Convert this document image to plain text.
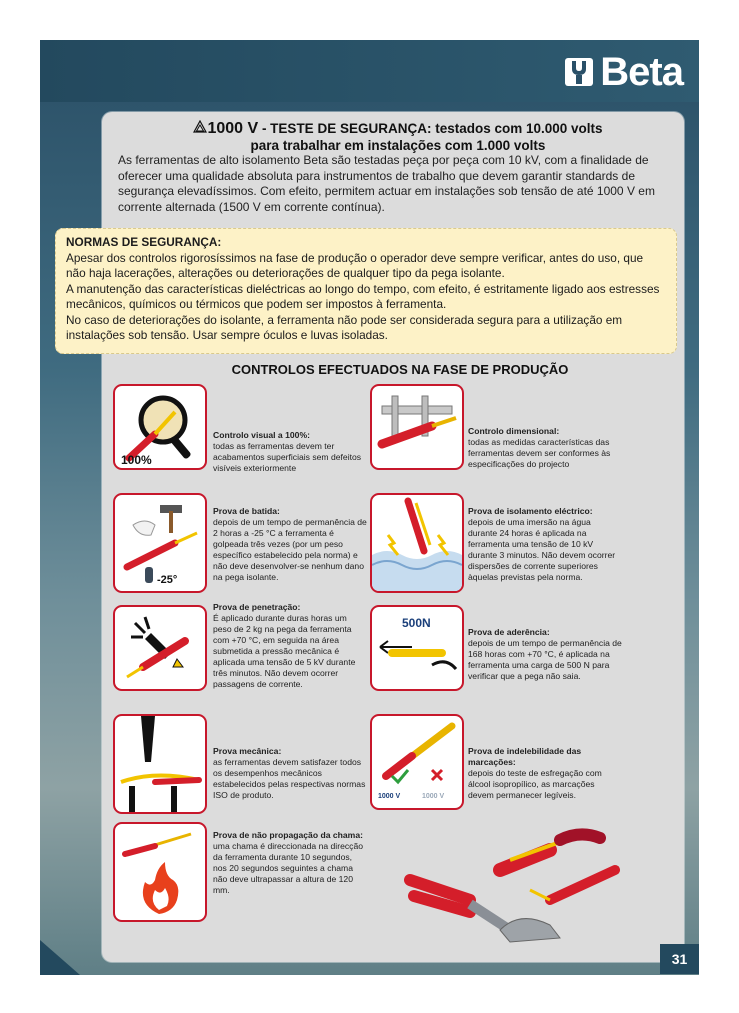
Beta
1000 V - TESTE DE SEGURANÇA: testados com 10.000 volts
para trabalhar em instalações com 1.000 volts
As ferramentas de alto isolamento Beta são testadas peça por peça com 10 kV, com a finalidade de oferecer uma qualidade absoluta para instrumentos de trabalho que devem garantir standards de segurança elevadíssimos. Com efeito, permitem actuar em instalações sob tensão de até 1000 V em corrente alternada (1500 V em corrente contínua).
NORMAS DE SEGURANÇA:
Apesar dos controlos rigorosíssimos na fase de produção o operador deve sempre verificar, antes do uso, que não haja lacerações, alterações ou deteriorações de qualquer tipo da pega isolante.
A manutenção das características dieléctricas ao longo do tempo, com efeito, é estritamente ligado aos estresses mecânicos, químicos ou térmicos que podem ser impostos à ferramenta.
No caso de deteriorações do isolante, a ferramenta não pode ser considerada segura para a utilização em instalações sob tensão. Usar sempre óculos e luvas isoladas.
CONTROLOS EFECTUADOS NA FASE DE PRODUÇÃO
100%
Controlo visual a 100%:
todas as ferramentas devem ter acabamentos superficiais sem defeitos visíveis exteriormente
-25°
Prova de batida:
depois de um tempo de permanência de 2 horas a -25 °C a ferramenta é golpeada três vezes (por um peso específico estabelecido pela norma) e não deve desenvolver-se nenhum dano na pega isolante.
Prova de penetração:
É aplicado durante duras horas um peso de 2 kg na pega da ferramenta com +70 °C, em seguida na área submetida a pressão mecânica é aplicada uma tensão de 5 kV durante três minutos. Não devem ocorrer passagens de corrente.
Prova mecânica:
as ferramentas devem satisfazer todos os desempenhos mecânicos estabelecidos pelas respectivas normas ISO de produto.
Prova de não propagação da chama:
uma chama é direccionada na direcção da ferramenta durante 10 segundos, nos 20 segundos seguintes a chama não deve ultrapassar a altura de 120 mm.
Controlo dimensional:
todas as medidas características das ferramentas devem ser conformes às especificações do projecto
Prova de isolamento eléctrico:
depois de uma imersão na água durante 24 horas é aplicada na ferramenta uma tensão de 10 kV durante 3 minutos. Não devem ocorrer dispersões de corrente superiores àquelas previstas pela norma.
500N
Prova de aderência:
depois de um tempo de permanência de 168 horas com +70 °C, é aplicada na ferramenta uma carga de 500 N para verificar que a pega não saia.
1000 V	1000 V
Prova de indelebilidade das marcações:
depois do teste de esfregação com álcool isopropílico, as marcações devem permanecer legíveis.
31
